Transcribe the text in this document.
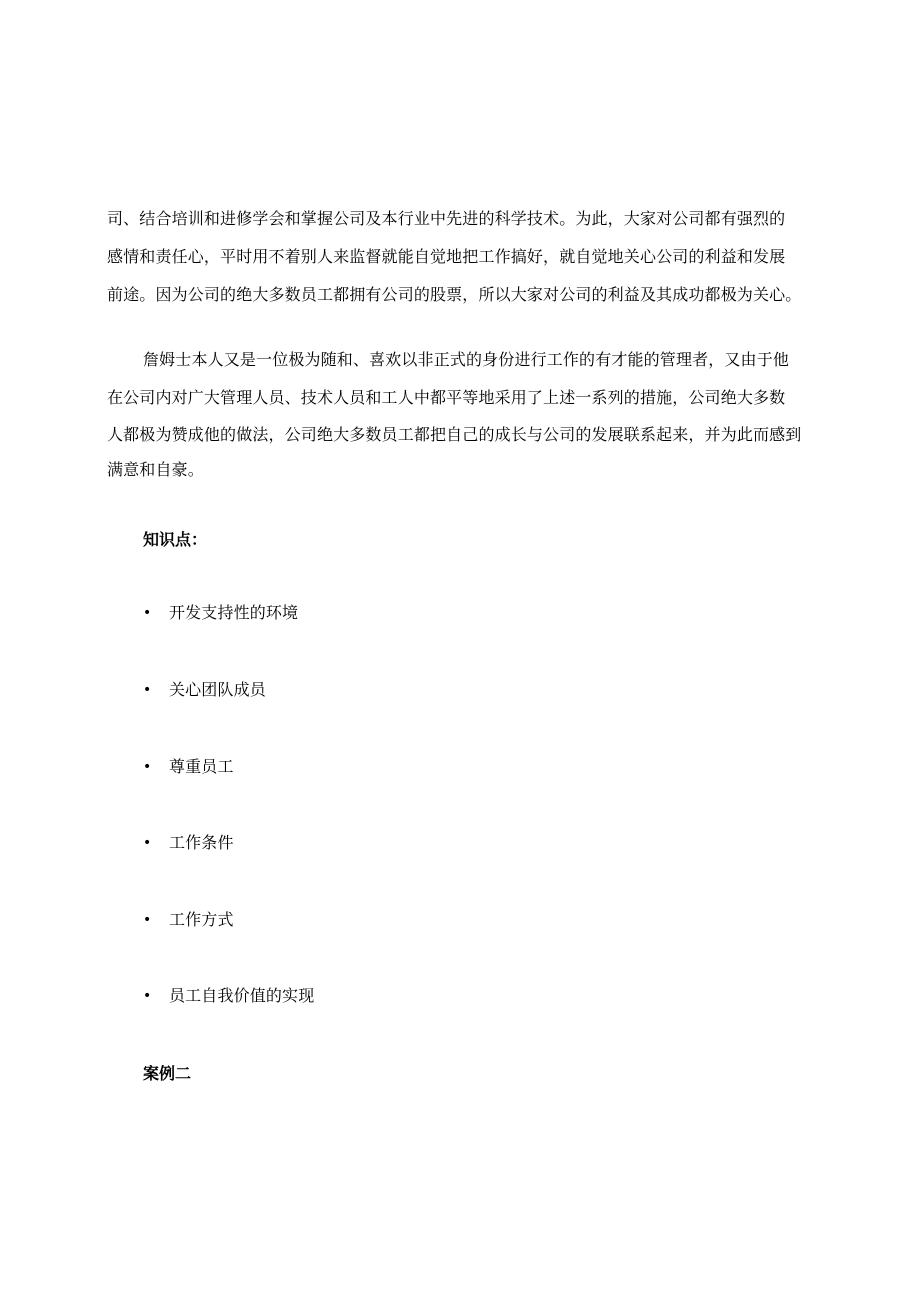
司、结合培训和进修学会和掌握公司及本行业中先进的科学技术。为此，大家对公司都有强烈的
感情和责任心，平时用不着别人来监督就能自觉地把工作搞好，就自觉地关心公司的利益和发展
前途。因为公司的绝大多数员工都拥有公司的股票，所以大家对公司的利益及其成功都极为关心。
詹姆士本人又是一位极为随和、喜欢以非正式的身份进行工作的有才能的管理者，又由于他
在公司内对广大管理人员、技术人员和工人中都平等地采用了上述一系列的措施，公司绝大多数
人都极为赞成他的做法，公司绝大多数员工都把自己的成长与公司的发展联系起来，并为此而感到
满意和自豪。
知识点：
• 开发支持性的环境
• 关心团队成员
• 尊重员工
• 工作条件
• 工作方式
• 员工自我价值的实现
案例二
